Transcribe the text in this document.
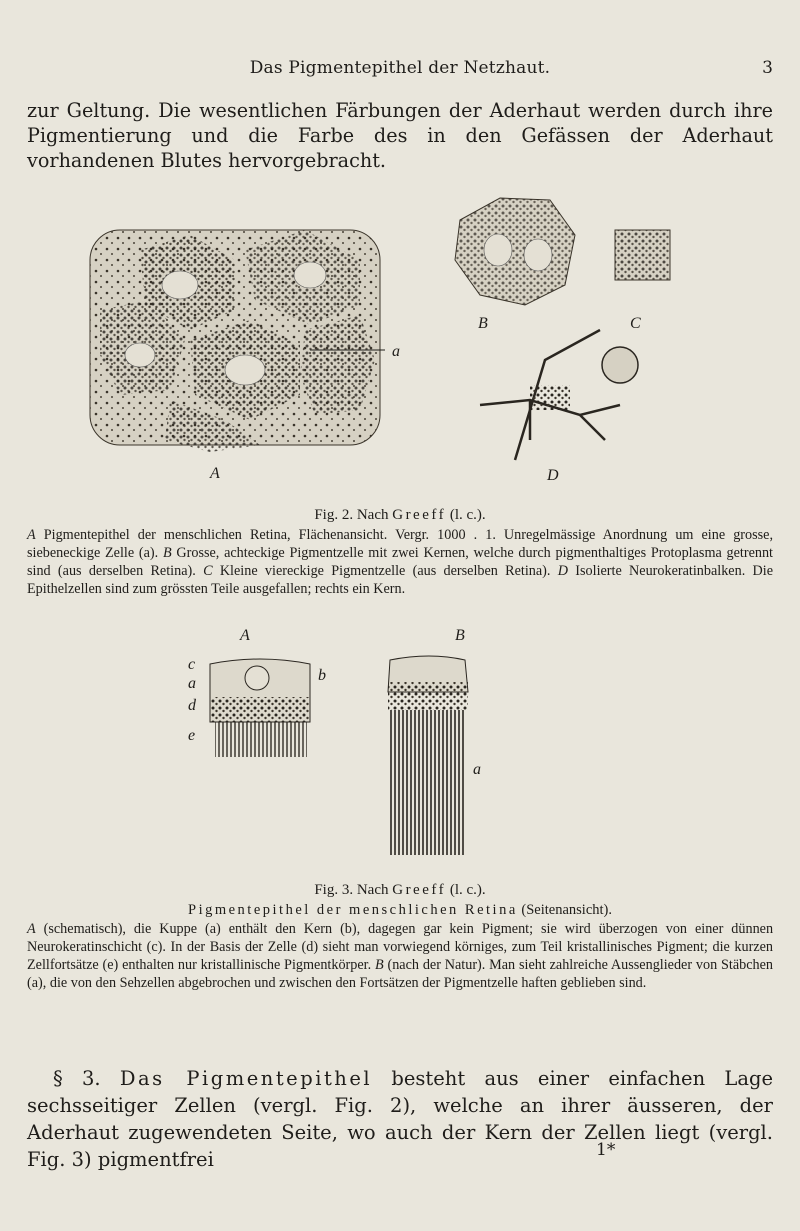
Das Pigmentepithel der Netzhaut.	3
zur Geltung. Die wesentlichen Färbungen der Aderhaut werden durch ihre Pigmentierung und die Farbe des in den Gefässen der Aderhaut vorhandenen Blutes hervorgebracht.
a
A
B	C
D
Fig. 2. Nach Greeff (l. c.).
A Pigmentepithel der menschlichen Retina, Flächenansicht. Vergr. 1000 . 1. Unregelmässige Anordnung um eine grosse, siebeneckige Zelle (a). B Grosse, achteckige Pigmentzelle mit zwei Kernen, welche durch pigmenthaltiges Protoplasma getrennt sind (aus derselben Retina). C Kleine viereckige Pigmentzelle (aus derselben Retina). D Isolierte Neurokeratinbalken. Die Epithelzellen sind zum grössten Teile ausgefallen; rechts ein Kern.
A	B
c
a
d
e
b
a
Fig. 3. Nach Greeff (l. c.).
Pigmentepithel der menschlichen Retina (Seitenansicht).
A (schematisch), die Kuppe (a) enthält den Kern (b), dagegen gar kein Pigment; sie wird überzogen von einer dünnen Neurokeratinschicht (c). In der Basis der Zelle (d) sieht man vorwiegend körniges, zum Teil kristallinisches Pigment; die kurzen Zellfortsätze (e) enthalten nur kristallinische Pigmentkörper. B (nach der Natur). Man sieht zahlreiche Aussenglieder von Stäbchen (a), die von den Sehzellen abgebrochen und zwischen den Fortsätzen der Pigmentzelle haften geblieben sind.
§ 3. Das Pigmentepithel besteht aus einer einfachen Lage sechsseitiger Zellen (vergl. Fig. 2), welche an ihrer äusseren, der Aderhaut zugewendeten Seite, wo auch der Kern der Zellen liegt (vergl. Fig. 3) pigmentfrei	1*
